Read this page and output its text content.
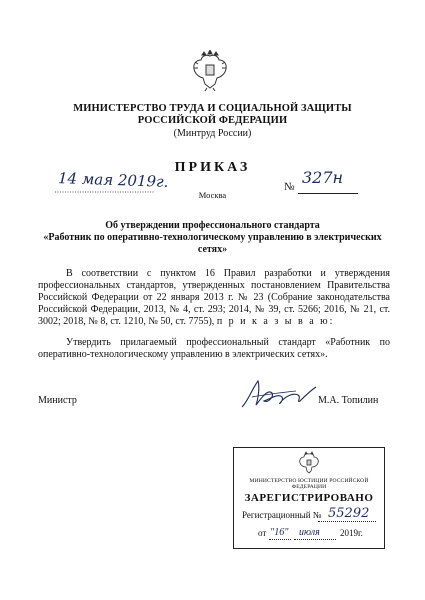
МИНИСТЕРСТВО ТРУДА И СОЦИАЛЬНОЙ ЗАЩИТЫ
РОССИЙСКОЙ ФЕДЕРАЦИИ
(Минтруд России)
ПРИКАЗ
14 мая 2019г.
Москва
№ 327н
Об утверждении профессионального стандарта
«Работник по оперативно-технологическому управлению в электрических сетях»
В соответствии с пунктом 16 Правил разработки и утверждения профессиональных стандартов, утвержденных постановлением Правительства Российской Федерации от 22 января 2013 г. № 23 (Собрание законодательства Российской Федерации, 2013, № 4, ст. 293; 2014, № 39, ст. 5266; 2016, № 21, ст. 3002; 2018, № 8, ст. 1210, № 50, ст. 7755), п р и к а з ы в а ю:
Утвердить прилагаемый профессиональный стандарт «Работник по оперативно-технологическому управлению в электрических сетях».
Министр	М.А. Топилин
МИНИСТЕРСТВО ЮСТИЦИИ РОССИЙСКОЙ ФЕДЕРАЦИИ
ЗАРЕГИСТРИРОВАНО
Регистрационный № 55292
от "16" июля 2019г.
